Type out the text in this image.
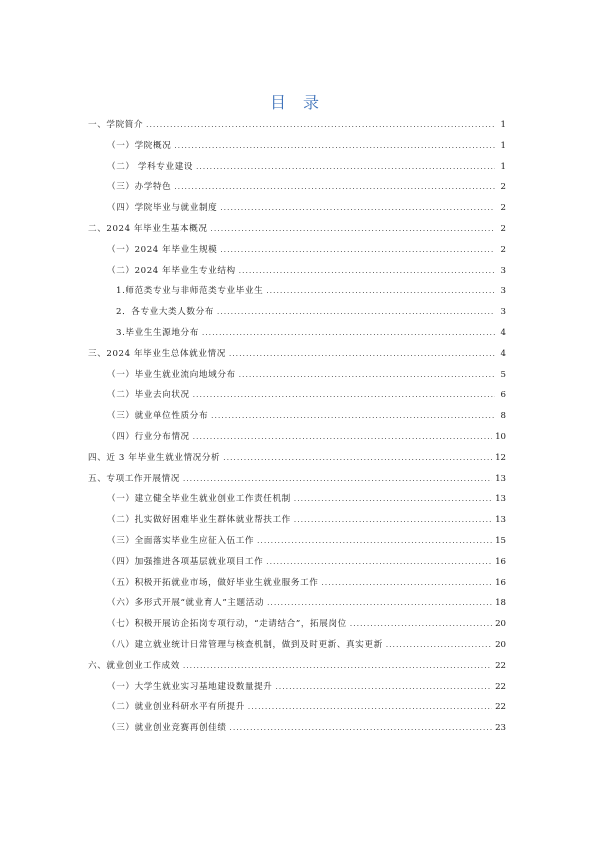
目 录
一、学院简介 .....	1
（一）学院概况 .....	1
（二） 学科专业建设 .....	1
（三）办学特色 .....	2
（四）学院毕业与就业制度 .....	2
二、2024 年毕业生基本概况 .....	2
（一）2024 年毕业生规模 .....	2
（二）2024 年毕业生专业结构 .....	3
1.师范类专业与非师范类专业毕业生 .....	3
2．各专业大类人数分布 .....	3
3.毕业生生源地分布 .....	4
三、2024 年毕业生总体就业情况 .....	4
（一）毕业生就业流向地域分布 .....	5
（二）毕业去向状况 .....	6
（三）就业单位性质分布 .....	8
（四）行业分布情况 .....	10
四、近 3 年毕业生就业情况分析 .....	12
五、专项工作开展情况 .....	13
（一）建立健全毕业生就业创业工作责任机制 .....	13
（二）扎实做好困难毕业生群体就业帮扶工作 .....	13
（三）全面落实毕业生应征入伍工作 .....	15
（四）加强推进各项基层就业项目工作 .....	16
（五）积极开拓就业市场，做好毕业生就业服务工作 .....	16
（六）多形式开展“就业育人”主题活动 .....	18
（七）积极开展访企拓岗专项行动，“走请结合”，拓展岗位 .....	20
（八）建立就业统计日常管理与核查机制，做到及时更新、真实更新 .....	20
六、就业创业工作成效 .....	22
（一）大学生就业实习基地建设数量提升 .....	22
（二）就业创业科研水平有所提升 .....	22
（三）就业创业竞赛再创佳绩 .....	23
